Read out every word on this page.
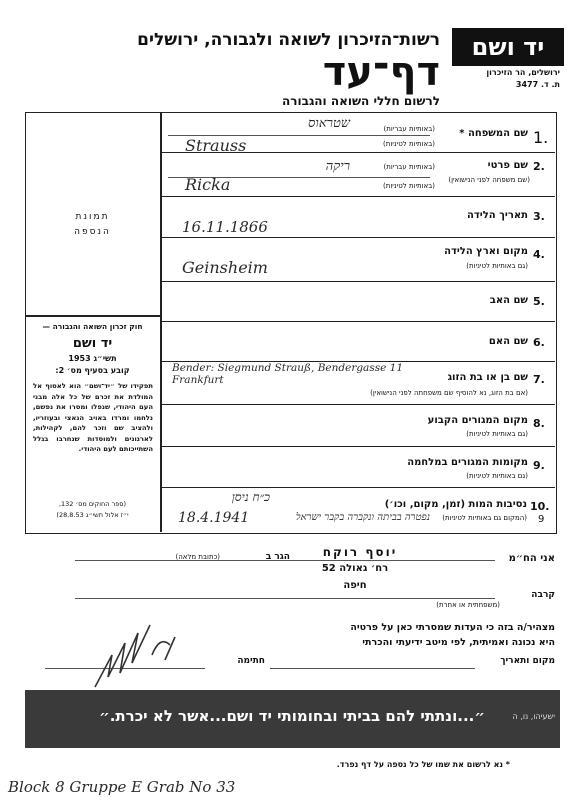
יד ושם
ירושלים, הר הזיכרון
ת. ד. 3477
רשות־הזיכרון לשואה ולגבורה, ירושלים
דף־עד
לרשום חללי השואה והגבורה
תמונת
הנספה
חוק זכרון השואה והגבורה —
יד ושם
תשי״ג 1953
קובע בסעיף מס׳ 2:
תפקידו של ״יד־ושם״ הוא לאסוף אל המולדת את זכרם של כל אלה מבני העם היהודי, שנפלו ומסרו את נפשם, נלחמו ומרדו באויב הנאצי ובעוזריו, ולהציב שם וזכר להם, לקהילות, לארגונים ולמוסדות שנחרבו בגלל השתייכותם לעם היהודי.
(ספר החוקים מס׳ 132,
י״ז אלול תשי״ג 28.8.53)
1.
שם המשפחה *
(באותיות עבריות)
(באותיות לטיניות)
שטראוס
Strauss
2.
שם פרטי
(שם משפחה לפני הנישואין)
(באותיות עבריות)
(באותיות לטיניות)
ריקה
Ricka
3.
תאריך הלידה
16.11.1866
4.
מקום וארץ הלידה
(גם באותיות לטיניות)
Geinsheim
5.
שם האב
6.
שם האם
7.
שם בן או בת הזוג
(אם בת הזוג, נא להוסיף שם משפחתה לפני הנישואין)
Bender: Siegmund Strauß, Bendergasse 11 Frankfurt
8.
מקום המגורים הקבוע
(גם באותיות לטיניות)
9.
מקומות המגורים במלחמה
(גם באותיות לטיניות)
10.
נסיבות המות (זמן, מקום, וכו׳)
(המקום גם באותיות לטיניות) 9
כ״ח ניסן
18.4.1941	נפטרה בביתה ונקברה בקבר ישראל
אני הח״מ
יוסף רוקח
הגר ב
(כתובת מלאה)
רח׳ גאולה 52
חיפה
קרבה
(משפחתית או אחרת)
מצהיר/ה בזה כי העדות שמסרתי כאן על פרטיה
היא נכונה ואמיתית, לפי מיטב ידיעתי והכרתי
חתימה	מקום ותאריך
״...ונתתי להם בביתי ובחומותי יד ושם...אשר לא יכרת.״	ישעיהו, נו, ה
* נא לרשום את שמו של כל נספה על דף נפרד.
Block 8 Gruppe E Grab No 33
